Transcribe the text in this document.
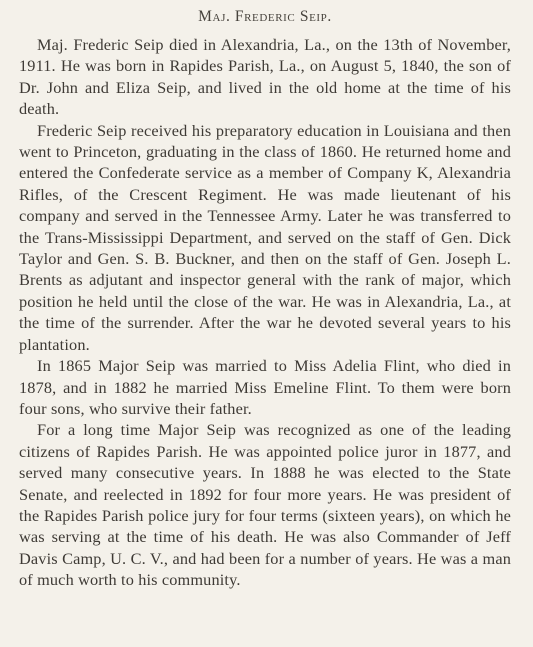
Maj. Frederic Seip.

Maj. Frederic Seip died in Alexandria, La., on the 13th of November, 1911. He was born in Rapides Parish, La., on August 5, 1840, the son of Dr. John and Eliza Seip, and lived in the old home at the time of his death.

Frederic Seip received his preparatory education in Louisiana and then went to Princeton, graduating in the class of 1860. He returned home and entered the Confederate service as a member of Company K, Alexandria Rifles, of the Crescent Regiment. He was made lieutenant of his company and served in the Tennessee Army. Later he was transferred to the Trans-Mississippi Department, and served on the staff of Gen. Dick Taylor and Gen. S. B. Buckner, and then on the staff of Gen. Joseph L. Brents as adjutant and inspector general with the rank of major, which position he held until the close of the war. He was in Alexandria, La., at the time of the surrender. After the war he devoted several years to his plantation.

In 1865 Major Seip was married to Miss Adelia Flint, who died in 1878, and in 1882 he married Miss Emeline Flint. To them were born four sons, who survive their father.

For a long time Major Seip was recognized as one of the leading citizens of Rapides Parish. He was appointed police juror in 1877, and served many consecutive years. In 1888 he was elected to the State Senate, and reelected in 1892 for four more years. He was president of the Rapides Parish police jury for four terms (sixteen years), on which he was serving at the time of his death. He was also Commander of Jeff Davis Camp, U. C. V., and had been for a number of years. He was a man of much worth to his community.
